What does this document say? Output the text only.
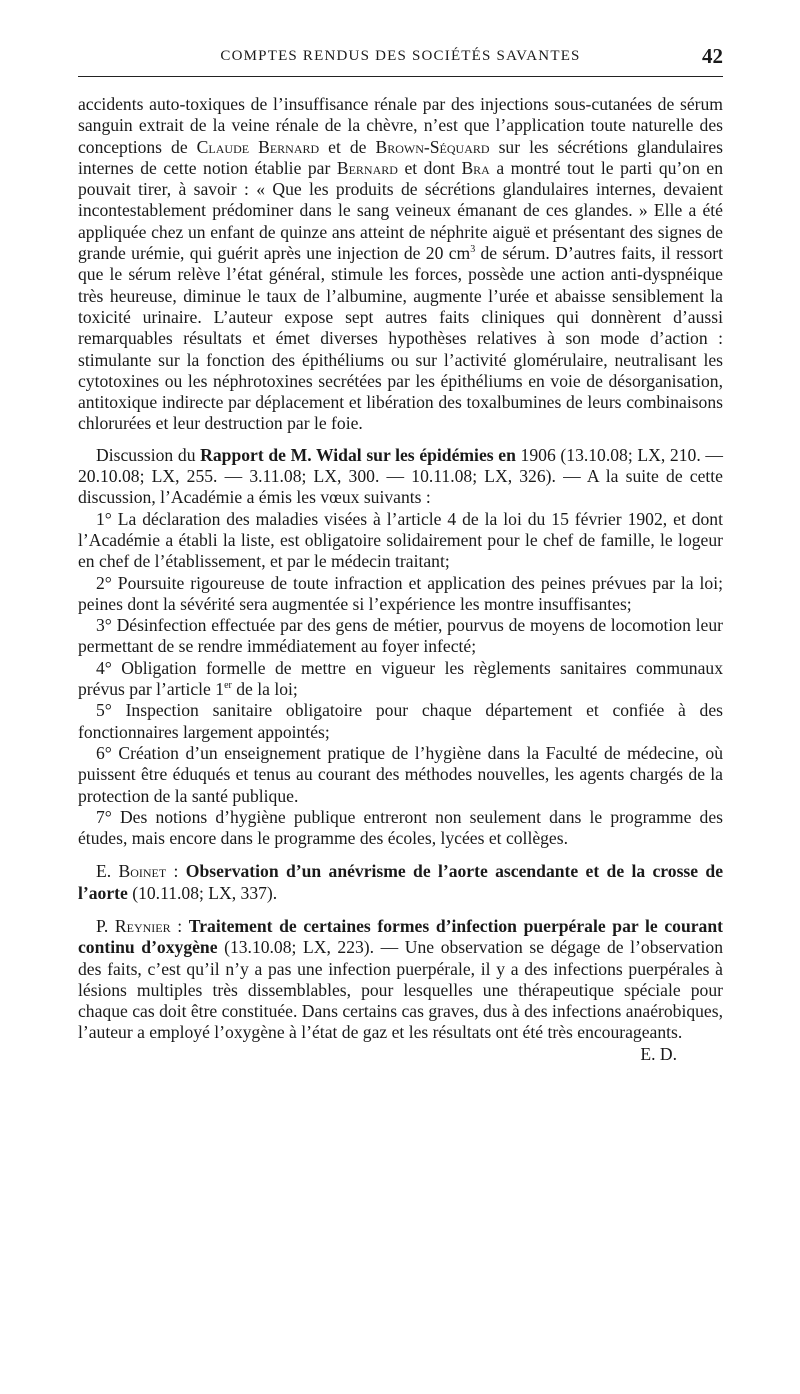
COMPTES RENDUS DES SOCIÉTÉS SAVANTES	42

accidents auto-toxiques de l’insuffisance rénale par des injections sous-cutanées de sérum sanguin extrait de la veine rénale de la chèvre, n’est que l’application toute naturelle des conceptions de Claude Bernard et de Brown-Séquard sur les sécrétions glandulaires internes de cette notion établie par Bernard et dont Bra a montré tout le parti qu’on en pouvait tirer, à savoir : « Que les produits de sécrétions glandulaires internes, devaient incontestablement prédominer dans le sang veineux émanant de ces glandes. » Elle a été appliquée chez un enfant de quinze ans atteint de néphrite aiguë et présentant des signes de grande urémie, qui guérit après une injection de 20 $cm^3$ de sérum. D’autres faits, il ressort que le sérum relève l’état général, stimule les forces, possède une action anti-dyspnéique très heureuse, diminue le taux de l’albumine, augmente l’urée et abaisse sensiblement la toxicité urinaire. L’auteur expose sept autres faits cliniques qui donnèrent d’aussi remarquables résultats et émet diverses hypothèses relatives à son mode d’action : stimulante sur la fonction des épithéliums ou sur l’activité glomérulaire, neutralisant les cytotoxines ou les néphrotoxines secrétées par les épithéliums en voie de désorganisation, antitoxique indirecte par déplacement et libération des toxalbumines de leurs combinaisons chlorurées et leur destruction par le foie.

Discussion du Rapport de M. Widal sur les épidémies en 1906 (13.10.08; LX, 210. — 20.10.08; LX, 255. — 3.11.08; LX, 300. — 10.11.08; LX, 326). — A la suite de cette discussion, l’Académie a émis les vœux suivants :

1° La déclaration des maladies visées à l’article 4 de la loi du 15 février 1902, et dont l’Académie a établi la liste, est obligatoire solidairement pour le chef de famille, le logeur en chef de l’établissement, et par le médecin traitant;

2° Poursuite rigoureuse de toute infraction et application des peines prévues par la loi; peines dont la sévérité sera augmentée si l’expérience les montre insuffisantes;

3° Désinfection effectuée par des gens de métier, pourvus de moyens de locomotion leur permettant de se rendre immédiatement au foyer infecté;

4° Obligation formelle de mettre en vigueur les règlements sanitaires communaux prévus par l’article 1er de la loi;

5° Inspection sanitaire obligatoire pour chaque département et confiée à des fonctionnaires largement appointés;

6° Création d’un enseignement pratique de l’hygiène dans la Faculté de médecine, où puissent être éduqués et tenus au courant des méthodes nouvelles, les agents chargés de la protection de la santé publique.

7° Des notions d’hygiène publique entreront non seulement dans le programme des études, mais encore dans le programme des écoles, lycées et collèges.

E. Boinet : Observation d’un anévrisme de l’aorte ascendante et de la crosse de l’aorte (10.11.08; LX, 337).

P. Reynier : Traitement de certaines formes d’infection puerpérale par le courant continu d’oxygène (13.10.08; LX, 223). — Une observation se dégage de l’observation des faits, c’est qu’il n’y a pas une infection puerpérale, il y a des infections puerpérales à lésions multiples très dissemblables, pour lesquelles une thérapeutique spéciale pour chaque cas doit être constituée. Dans certains cas graves, dus à des infections anaérobiques, l’auteur a employé l’oxygène à l’état de gaz et les résultats ont été très encourageants.

E. D.
